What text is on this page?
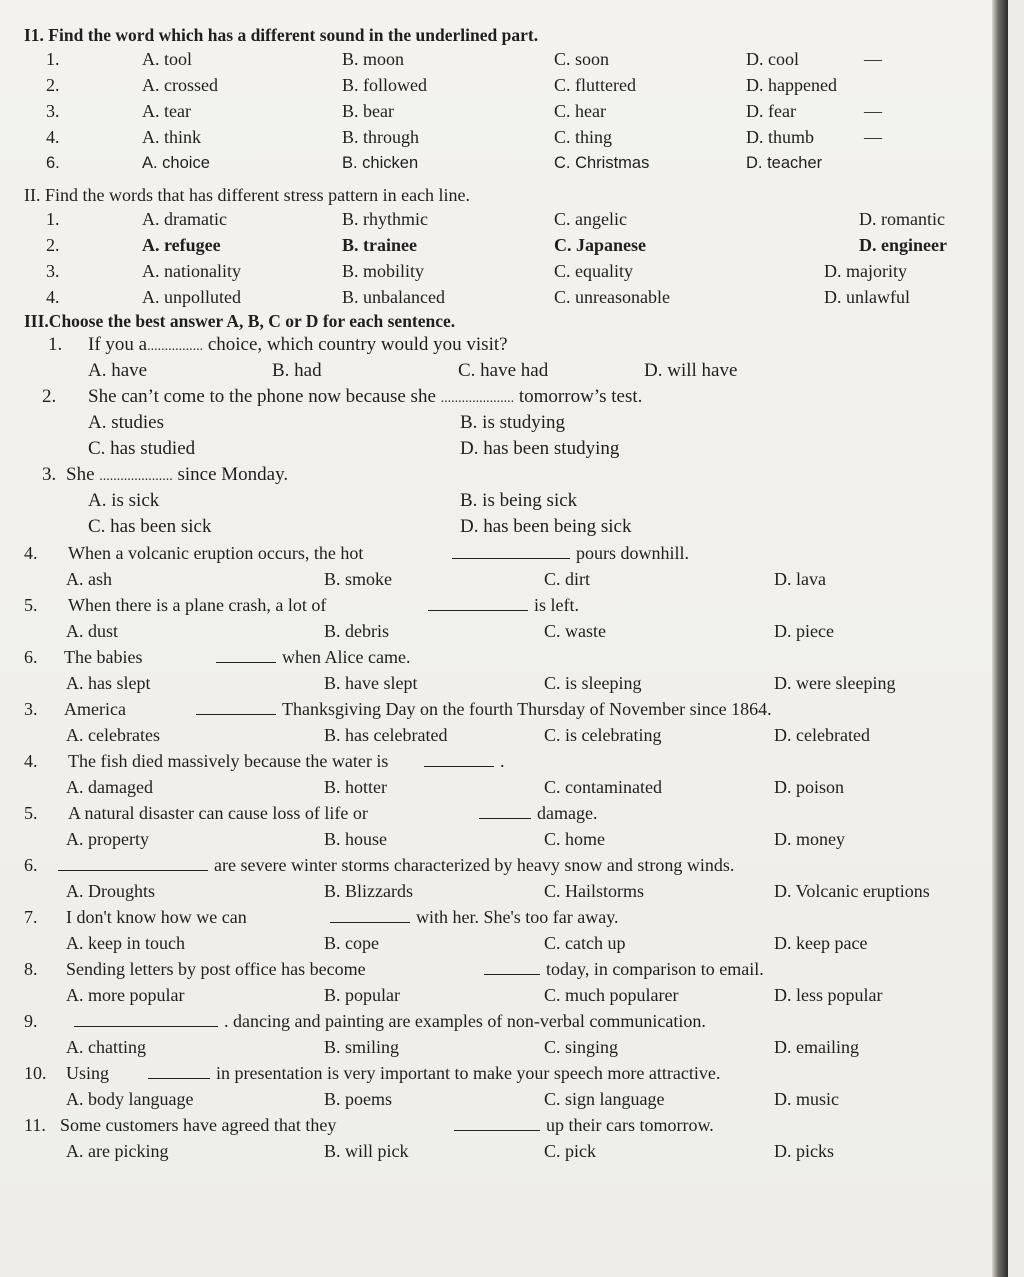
I1. Find the word which has a different sound in the underlined part.
1.	A. tool	B. moon	C. soon	D. cool	—
2.	A. crossed	B. followed	C. fluttered	D. happened
3.	A. tear	B. bear	C. hear	D. fear	—
4.	A. think	B. through	C. thing	D. thumb	—
6.	A. choice	B. chicken	C. Christmas	D. teacher
II. Find the words that has different stress pattern in each line.
1.	A. dramatic	B. rhythmic	C. angelic	D. romantic
2.	A. refugee	B. trainee	C. Japanese	D. engineer
3.	A. nationality	B. mobility	C. equality	D. majority
4.	A. unpolluted	B. unbalanced	C. unreasonable	D. unlawful
III.Choose the best answer A, B, C or D for each sentence.
1. If you a................ choice, which country would you visit?
A. have	B. had	C. have had	D. will have
2. She can’t come to the phone now because she ..................... tomorrow’s test.
A. studies	B. is studying
C. has studied	D. has been studying
3. She ..................... since Monday.
A. is sick	B. is being sick
C. has been sick	D. has been being sick
4. When a volcanic eruption occurs, the hot	pours downhill.
A. ash	B. smoke	C. dirt	D. lava
5. When there is a plane crash, a lot of	is left.
A. dust	B. debris	C. waste	D. piece
6. The babies	when Alice came.
A. has slept	B. have slept	C. is sleeping	D. were sleeping
3. America	Thanksgiving Day on the fourth Thursday of November since 1864.
A. celebrates	B. has celebrated	C. is celebrating	D. celebrated
4. The fish died massively because the water is	.
A. damaged	B. hotter	C. contaminated	D. poison
5. A natural disaster can cause loss of life or	damage.
A. property	B. house	C. home	D. money
6.	are severe winter storms characterized by heavy snow and strong winds.
A. Droughts	B. Blizzards	C. Hailstorms	D. Volcanic eruptions
7. I don't know how we can	with her. She's too far away.
A. keep in touch	B. cope	C. catch up	D. keep pace
8. Sending letters by post office has become	today, in comparison to email.
A. more popular	B. popular	C. much popularer	D. less popular
9.	. dancing and painting are examples of non-verbal communication.
A. chatting	B. smiling	C. singing	D. emailing
10. Using	in presentation is very important to make your speech more attractive.
A. body language	B. poems	C. sign language	D. music
11. Some customers have agreed that they	up their cars tomorrow.
A. are picking	B. will pick	C. pick	D. picks
